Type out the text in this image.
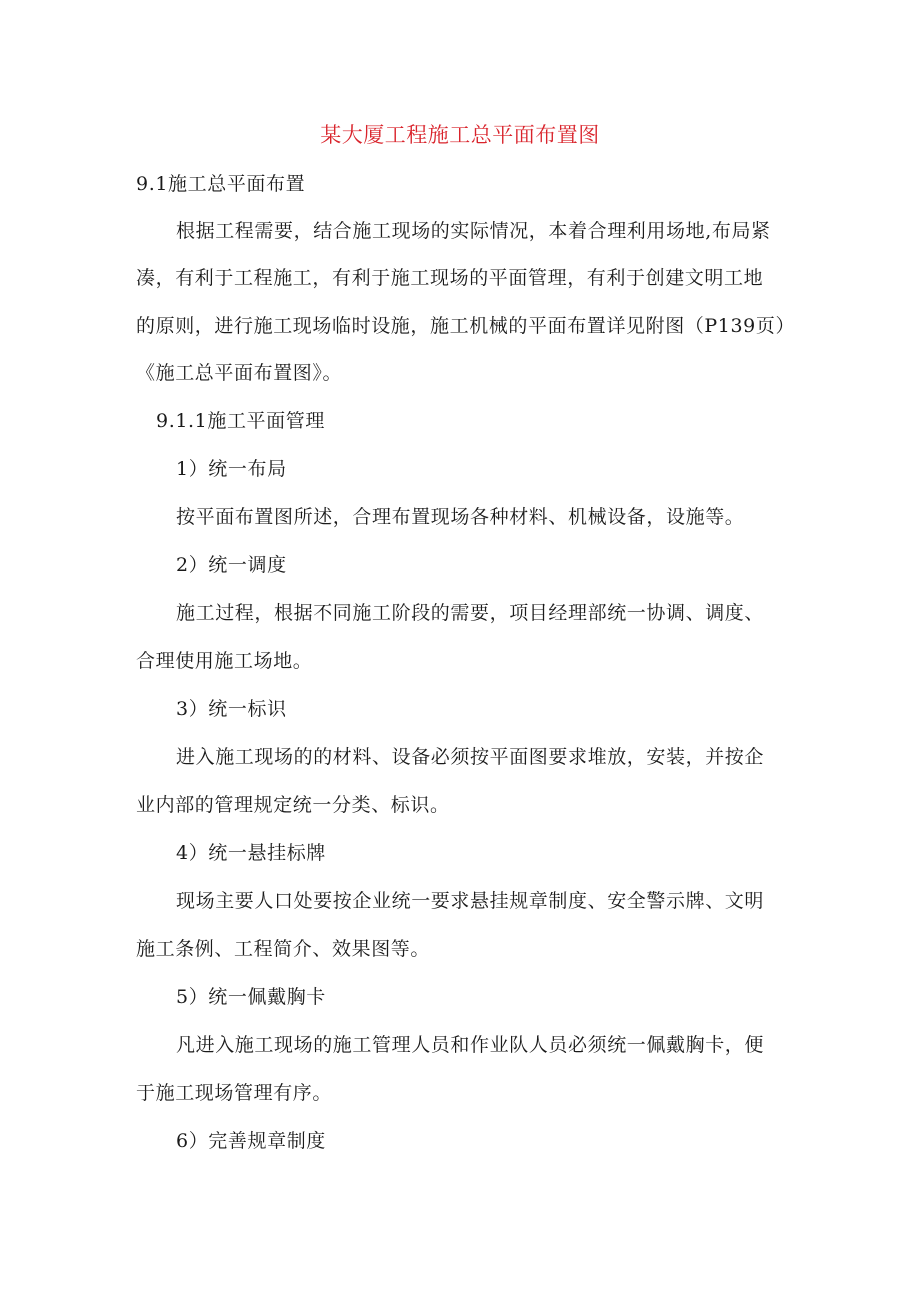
某大厦工程施工总平面布置图
9.1施工总平面布置
根据工程需要，结合施工现场的实际情况，本着合理利用场地,布局紧
凑，有利于工程施工，有利于施工现场的平面管理，有利于创建文明工地
的原则，进行施工现场临时设施，施工机械的平面布置详见附图（P139页）
《施工总平面布置图》。
9.1.1施工平面管理
1）统一布局
按平面布置图所述，合理布置现场各种材料、机械设备，设施等。
2）统一调度
施工过程，根据不同施工阶段的需要，项目经理部统一协调、调度、
合理使用施工场地。
3）统一标识
进入施工现场的的材料、设备必须按平面图要求堆放，安装，并按企
业内部的管理规定统一分类、标识。
4）统一悬挂标牌
现场主要人口处要按企业统一要求悬挂规章制度、安全警示牌、文明
施工条例、工程简介、效果图等。
5）统一佩戴胸卡
凡进入施工现场的施工管理人员和作业队人员必须统一佩戴胸卡，便
于施工现场管理有序。
6）完善规章制度
